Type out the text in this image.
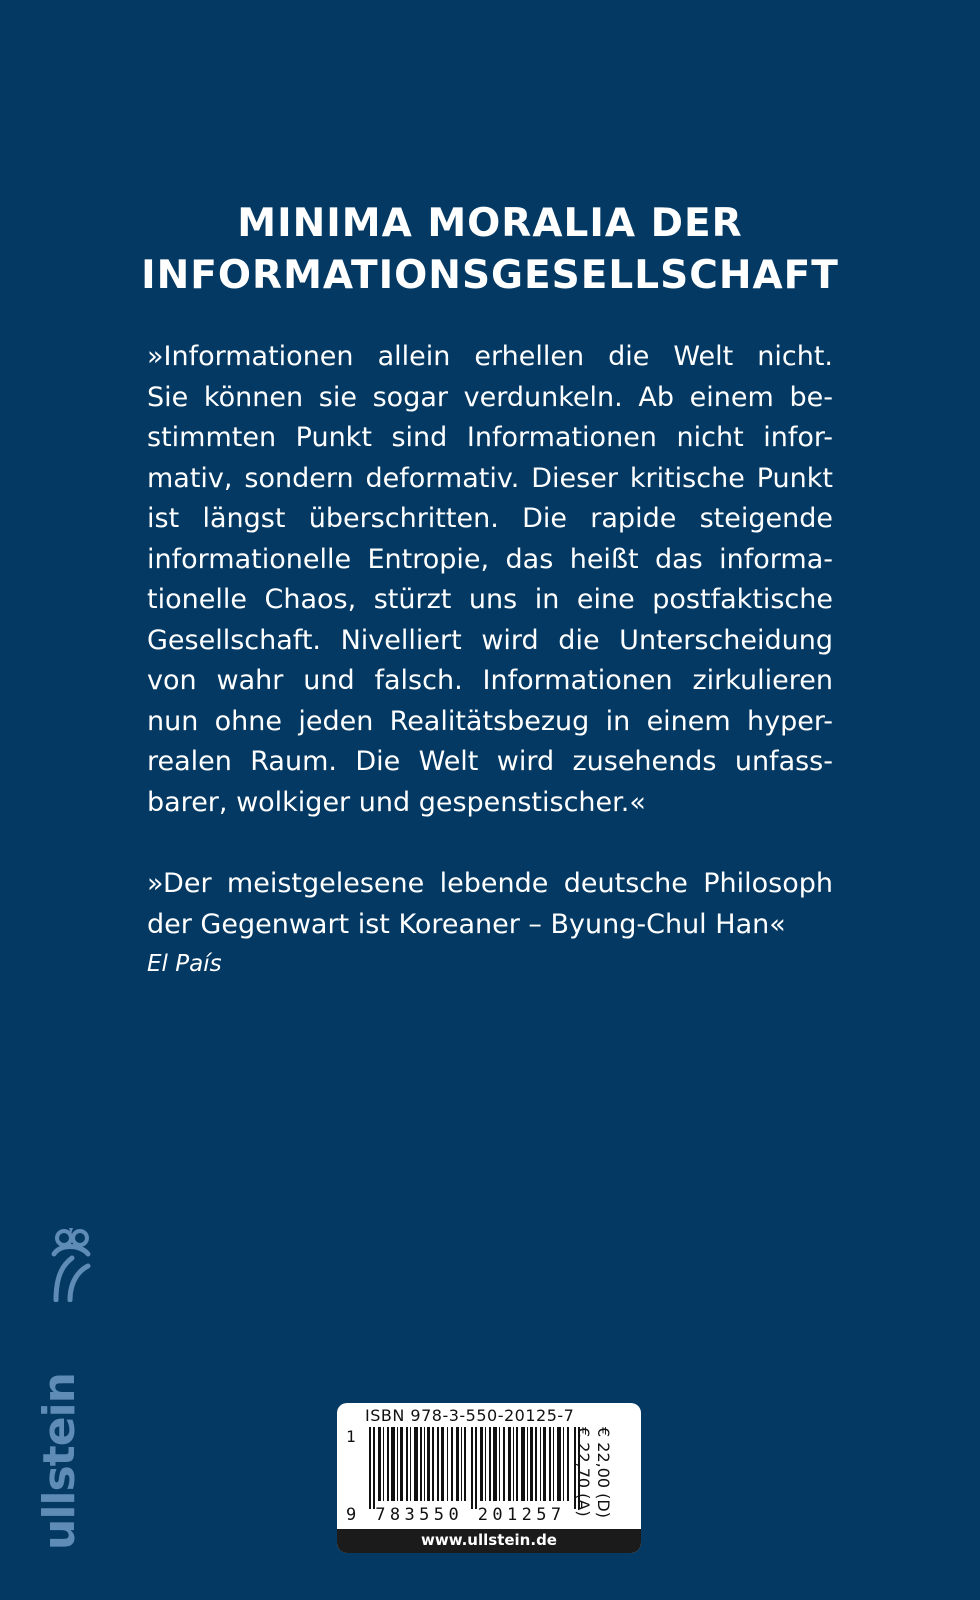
MINIMA MORALIA DER
INFORMATIONSGESELLSCHAFT
»Informationen allein erhellen die Welt nicht.
Sie können sie sogar verdunkeln. Ab einem be-
stimmten Punkt sind Informationen nicht infor-
mativ, sondern deformativ. Dieser kritische Punkt
ist längst überschritten. Die rapide steigende
informationelle Entropie, das heißt das informa-
tionelle Chaos, stürzt uns in eine postfaktische
Gesellschaft. Nivelliert wird die Unterscheidung
von wahr und falsch. Informationen zirkulieren
nun ohne jeden Realitätsbezug in einem hyper-
realen Raum. Die Welt wird zusehends unfass-
barer, wolkiger und gespenstischer.«
»Der meistgelesene lebende deutsche Philosoph
der Gegenwart ist Koreaner – Byung-Chul Han«
El País
ullstein	ISBN 978-3-550-20125-7
1
9 783550 201257 € 22,00 (D)
€ 22,70 (A)
www.ullstein.de
